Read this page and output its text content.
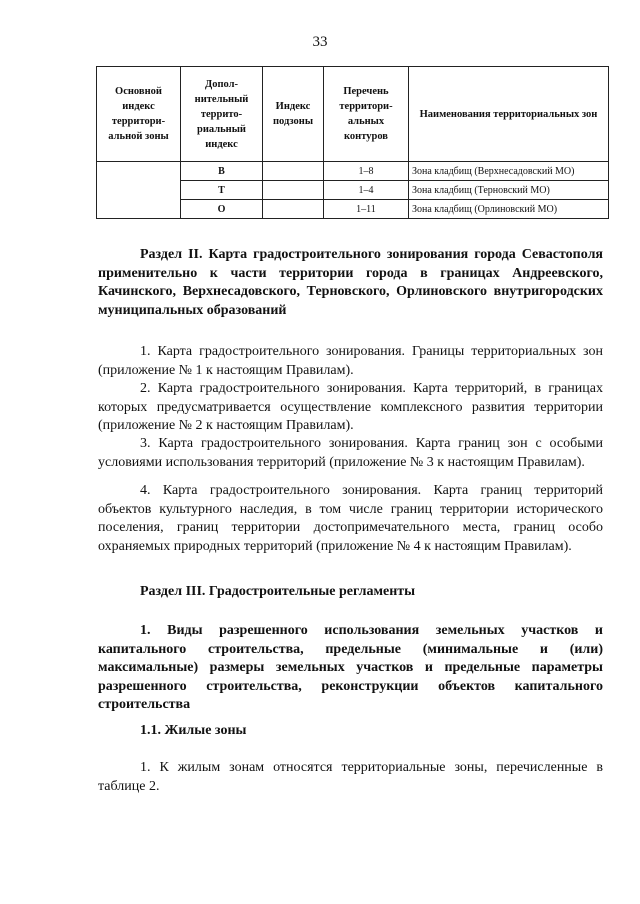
33
Основной индекс территори-альной зоны	Допол-нительный террито-риальный индекс	Индекс подзоны	Перечень территори-альных контуров	Наименования территориальных зон
	В		1–8	Зона кладбищ (Верхнесадовский МО)
	Т		1–4	Зона кладбищ (Терновский МО)
	О		1–11	Зона кладбищ (Орлиновский МО)

Раздел II. Карта градостроительного зонирования города Севастополя применительно к части территории города в границах Андреевского, Качинского, Верхнесадовского, Терновского, Орлиновского внутригородских муниципальных образований

1. Карта градостроительного зонирования. Границы территориальных зон (приложение № 1 к настоящим Правилам).

2. Карта градостроительного зонирования. Карта территорий, в границах которых предусматривается осуществление комплексного развития территории (приложение № 2 к настоящим Правилам).

3. Карта градостроительного зонирования. Карта границ зон с особыми условиями использования территорий (приложение № 3 к настоящим Правилам).

4. Карта градостроительного зонирования. Карта границ территорий объектов культурного наследия, в том числе границ территории исторического поселения, границ территории достопримечательного места, границ особо охраняемых природных территорий (приложение № 4 к настоящим Правилам).

Раздел III. Градостроительные регламенты

1. Виды разрешенного использования земельных участков и капитального строительства, предельные (минимальные и (или) максимальные) размеры земельных участков и предельные параметры разрешенного строительства, реконструкции объектов капитального строительства

1.1. Жилые зоны

1. К жилым зонам относятся территориальные зоны, перечисленные в таблице 2.
